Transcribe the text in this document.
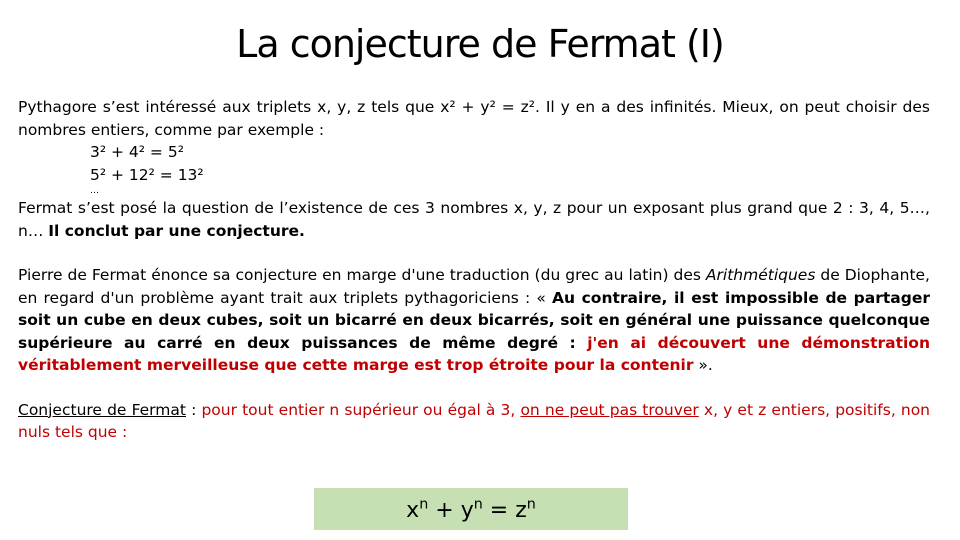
La conjecture de Fermat (I)

Pythagore s’est intéressé aux triplets x, y, z tels que x² + y² = z². Il y en a des infinités. Mieux, on peut choisir des nombres entiers, comme par exemple :

3² + 4² = 5²
5² + 12² = 13²
…

Fermat s’est posé la question de l’existence de ces 3 nombres x, y, z pour un exposant plus grand que 2 : 3, 4, 5…, n… Il conclut par une conjecture.

Pierre de Fermat énonce sa conjecture en marge d'une traduction (du grec au latin) des Arithmétiques de Diophante, en regard d'un problème ayant trait aux triplets pythagoriciens : « Au contraire, il est impossible de partager soit un cube en deux cubes, soit un bicarré en deux bicarrés, soit en général une puissance quelconque supérieure au carré en deux puissances de même degré : j'en ai découvert une démonstration véritablement merveilleuse que cette marge est trop étroite pour la contenir ».

Conjecture de Fermat : pour tout entier n supérieur ou égal à 3, on ne peut pas trouver x, y et z entiers, positifs, non nuls tels que :

$x^n + y^n = z^n$
